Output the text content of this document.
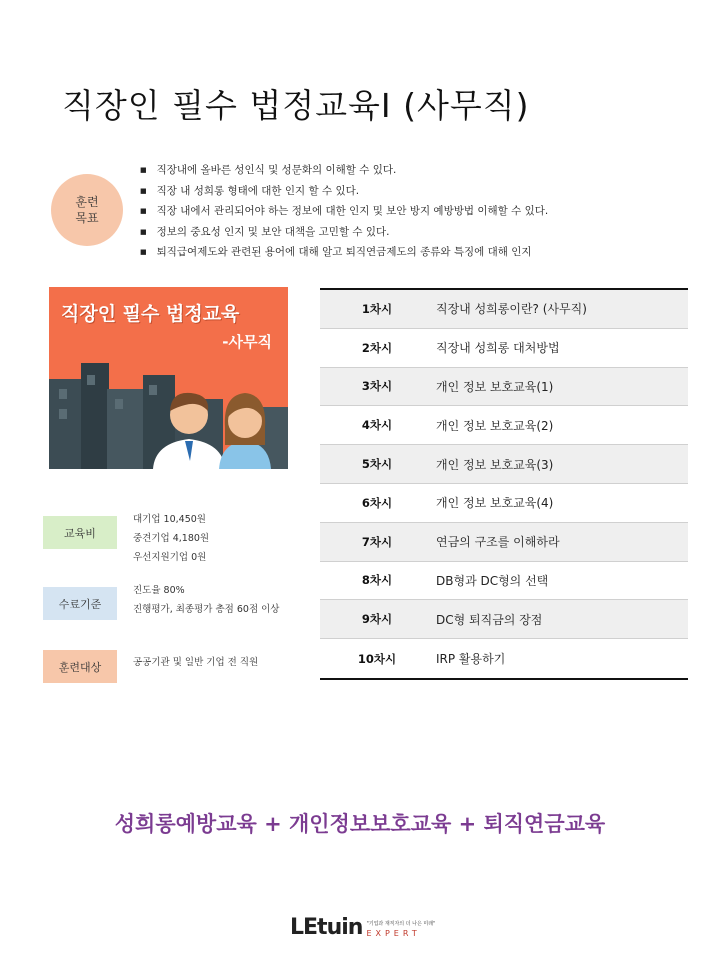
직장인 필수 법정교육Ⅰ (사무직)
훈련
목표
■ 직장내에 올바른 성인식 및 성문화의 이해할 수 있다.
■ 직장 내 성희롱 형태에 대한 인지 할 수 있다.
■ 직장 내에서 관리되어야 하는 정보에 대한 인지 및 보안 방지 예방방법 이해할 수 있다.
■ 정보의 중요성 인지 및 보안 대책을 고민할 수 있다.
■ 퇴직급여제도와 관련된 용어에 대해 알고 퇴직연금제도의 종류와 특징에 대해 인지
직장인 필수 법정교육
-사무직
교육비
대기업 10,450원
중견기업 4,180원
우선지원기업 0원
수료기준
진도율 80%
진행평가, 최종평가 총점 60점 이상
훈련대상	공공기관 및 일반 기업 전 직원
1차시	직장내 성희롱이란? (사무직)
2차시	직장내 성희롱 대처방법
3차시	개인 정보 보호교육(1)
4차시	개인 정보 보호교육(2)
5차시	개인 정보 보호교육(3)
6차시	개인 정보 보호교육(4)
7차시	연금의 구조를 이해하라
8차시	DB형과 DC형의 선택
9차시	DC형 퇴직금의 장점
10차시	IRP 활용하기
성희롱예방교육 + 개인정보보호교육 + 퇴직연금교육
LEtuin "기업과 재직자의 더 나은 미래"
EXPERT
